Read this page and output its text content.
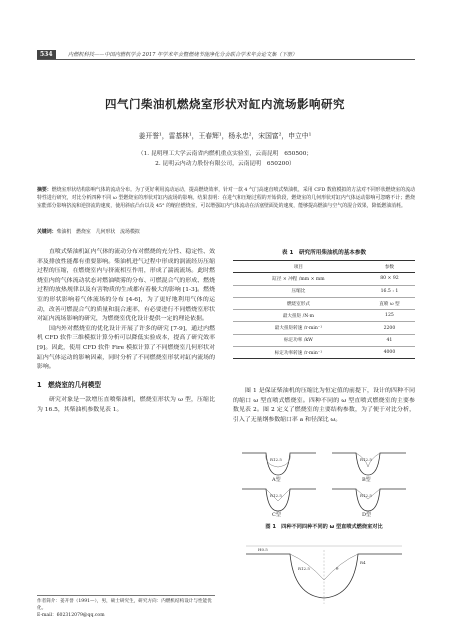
534	内燃机科技——中国内燃机学会 2017 年学术年会暨燃烧节能净化分会联合学术年会论文集（下册）
四气门柴油机燃烧室形状对缸内流场影响研究
姜开誉¹，雷基林¹，王春辉¹，杨永忠²，宋国富²，申立中¹
（1. 昆明理工大学云南省内燃机重点实验室，云南昆明　650500；
2. 昆明云内动力股份有限公司，云南昆明　650200）
摘要：燃烧室形状结构影响气体的流动分布。为了更好利用流动运动，提高燃烧效率，针对一款 4 气门高速直喷式柴油机，采用 CFD 数值模拟的方法对不同形状燃烧室的流动特性进行研究，对比分析四种不同 ω 型燃烧室的形状对缸内流场的影响。结果表明：在进气和压缩过程的开始阶段，燃烧室的几何形状对缸内气体运动影响可忽略不计；燃烧室能部分影响挤流和逆挤流的速度，使用斜底凸台以及 45° 的缩径燃烧室，可以增强缸内气体流动在活塞壁面处的速度，能够提高燃油与空气的混合效果，降低燃油消耗。
关键词：柴油机　燃烧室　几何形状　流场模拟

直喷式柴油机缸内气体的流动分布对燃烧的充分性、稳定性、效率及排放性能都有重要影响。柴油机进气过程中形成的涡流经历压缩过程的压缩，在燃烧室内与挤流相互作用，形成了湍流流场。此时燃烧室内的气体流动状态对燃油喷雾的分布、可燃混合气的形成、燃烧过程的放热规律以及有害物质的生成都有着极大的影响 [1-3]。燃烧室的形状影响着气体流场的分布 [4-6]，为了更好地利用气体的运动，改善可燃混合气的质量和混合速率，有必要进行不同燃烧室形状对缸内流场影响的研究，为燃烧室优化设计提供一定的理论依据。

国内外对燃烧室的优化设计开展了许多的研究 [7-9]，通过内燃机 CFD 软件三维模拟计算分析可以降低实验成本，提高了研究效率 [9]。因此，使用 CFD 软件 Fire 模拟计算了不同燃烧室几何形状对缸内气体运动的影响因素，同时分析了不同燃烧室形状对缸内流场的影响。

1　燃烧室的几何模型

研究对象是一款增压直喷柴油机，燃烧室形状为 ω 型，压缩比为 16.5，其柴油机参数见表 1。

作者简介：姜开誉（1991—），男，硕士研究生，研究方向：内燃机结构设计与性能优化。
E-mail：602312079@qq.com
表 1　研究所用柴油机的基本参数
项目	参数
缸径 × 冲程 /mm × mm	80 × 92
压缩比	16.5 : 1
燃烧室形式	直喷 ω 型
最大扭矩 /N·m	125
最大扭矩转速 /r·min⁻¹	2200
标定功率 /kW	41
标定功率转速 /r·min⁻¹	4000

图 1 是保证柴油机的压缩比为恒定值的前提下，设计的四种不同的缩口 ω 型直喷式燃烧室。四种不同的 ω 型直喷式燃烧室的主要参数见表 2。图 2 定义了燃烧室的主要结构参数，为了便于对比分析，引入了无量纲参数缩口率 a 和径深比 ω。

R12.5
A型
R12.5
B型
R12.5
C型
R12.5
D型
图 1　四种不同四种不同的 ω 型直喷式燃烧室对比
H0.5
R12.5	θ
R4
